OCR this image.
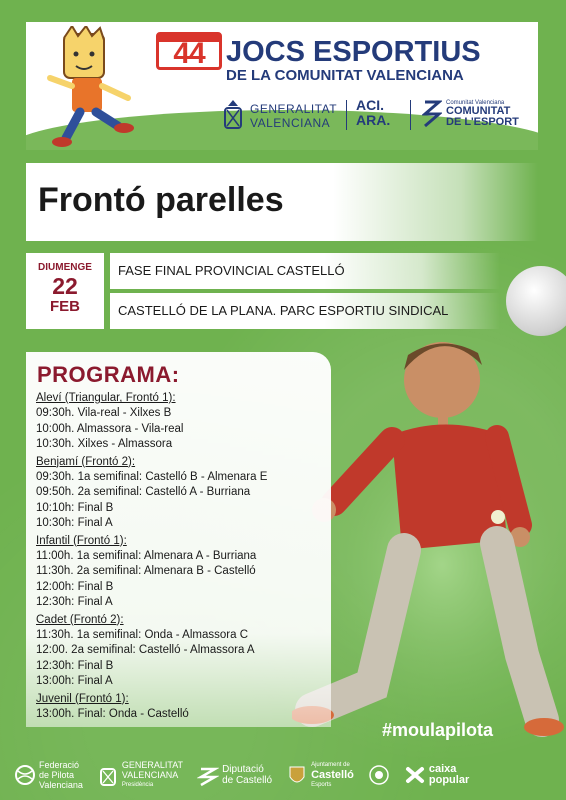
44 JOCS ESPORTIUS
DE LA COMUNITAT VALENCIANA
GENERALITAT
VALENCIANA
ACI.
ARA.
Comunitat Valenciana
COMUNITAT
DE L'ESPORT
Frontó parelles
DIUMENGE
22
FEB
FASE FINAL PROVINCIAL CASTELLÓ
CASTELLÓ DE LA PLANA. PARC ESPORTIU SINDICAL
PROGRAMA:
Aleví (Triangular, Frontó 1):
09:30h. Vila-real - Xilxes B
10:00h. Almassora - Vila-real
10:30h. Xilxes - Almassora
Benjamí (Frontó 2):
09:30h. 1a semifinal: Castelló B - Almenara E
09:50h. 2a semifinal: Castelló A - Burriana
10:10h: Final B
10:30h: Final A
Infantil (Frontó 1):
11:00h. 1a semifinal: Almenara A - Burriana
11:30h. 2a semifinal: Almenara B - Castelló
12:00h: Final B
12:30h: Final A
Cadet (Frontó 2):
11:30h. 1a semifinal: Onda - Almassora C
12:00. 2a semifinal: Castelló - Almassora A
12:30h: Final B
13:00h: Final A
Juvenil (Frontó 1):
13:00h. Final: Onda - Castelló
#moulapilota
Federació
de Pilota
Valenciana
GENERALITAT
VALENCIANA
Presidència
Diputació
de Castelló
Ajuntament de
Castelló
Esports
caixa
popular
